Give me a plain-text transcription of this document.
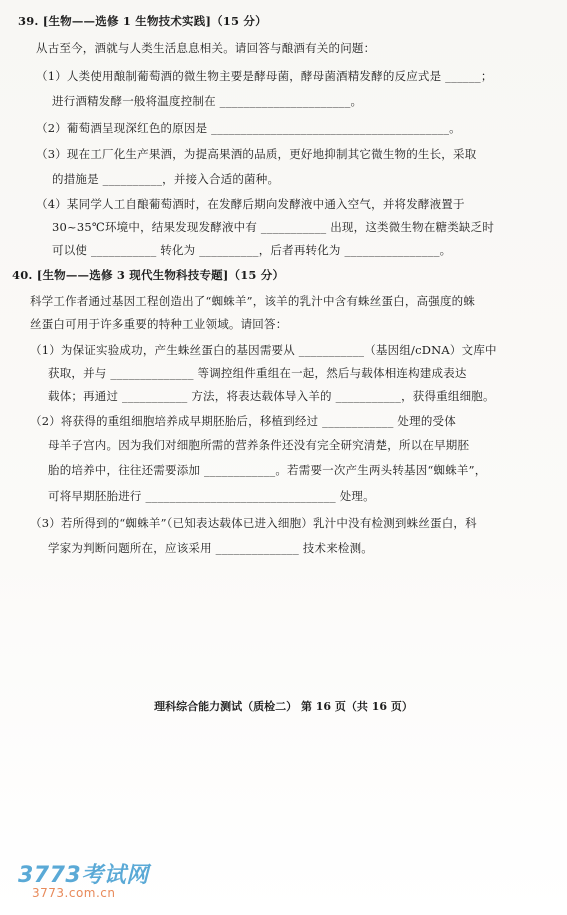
39. [生物——选修 1 生物技术实践]（15 分）
从古至今，酒就与人类生活息息相关。请回答与酿酒有关的问题：
（1）人类使用酿制葡萄酒的微生物主要是酵母菌，酵母菌酒精发酵的反应式是 ______；
进行酒精发酵一般将温度控制在 ______________________。
（2）葡萄酒呈现深红色的原因是 ________________________________________。
（3）现在工厂化生产果酒，为提高果酒的品质，更好地抑制其它微生物的生长，采取
的措施是 __________，并接入合适的菌种。
（4）某同学人工自酿葡萄酒时，在发酵后期向发酵液中通入空气，并将发酵液置于
30~35℃环境中，结果发现发酵液中有 ___________ 出现，这类微生物在糖类缺乏时
可以使 ___________ 转化为 __________，后者再转化为 ________________。
40. [生物——选修 3 现代生物科技专题]（15 分）
科学工作者通过基因工程创造出了“蜘蛛羊”，该羊的乳汁中含有蛛丝蛋白，高强度的蛛
丝蛋白可用于许多重要的特种工业领域。请回答：
（1）为保证实验成功，产生蛛丝蛋白的基因需要从 ___________（基因组/cDNA）文库中
获取，并与 ______________ 等调控组件重组在一起，然后与载体相连构建成表达
载体；再通过 ___________ 方法，将表达载体导入羊的 ___________，获得重组细胞。
（2）将获得的重组细胞培养成早期胚胎后，移植到经过 ____________ 处理的受体
母羊子宫内。因为我们对细胞所需的营养条件还没有完全研究清楚，所以在早期胚
胎的培养中，往往还需要添加 ____________。若需要一次产生两头转基因“蜘蛛羊”，
可将早期胚胎进行 ________________________________ 处理。
（3）若所得到的“蜘蛛羊”（已知表达载体已进入细胞）乳汁中没有检测到蛛丝蛋白，科
学家为判断问题所在，应该采用 ______________ 技术来检测。
理科综合能力测试（质检二） 第 16 页（共 16 页）
3773考试网
3773.com.cn
